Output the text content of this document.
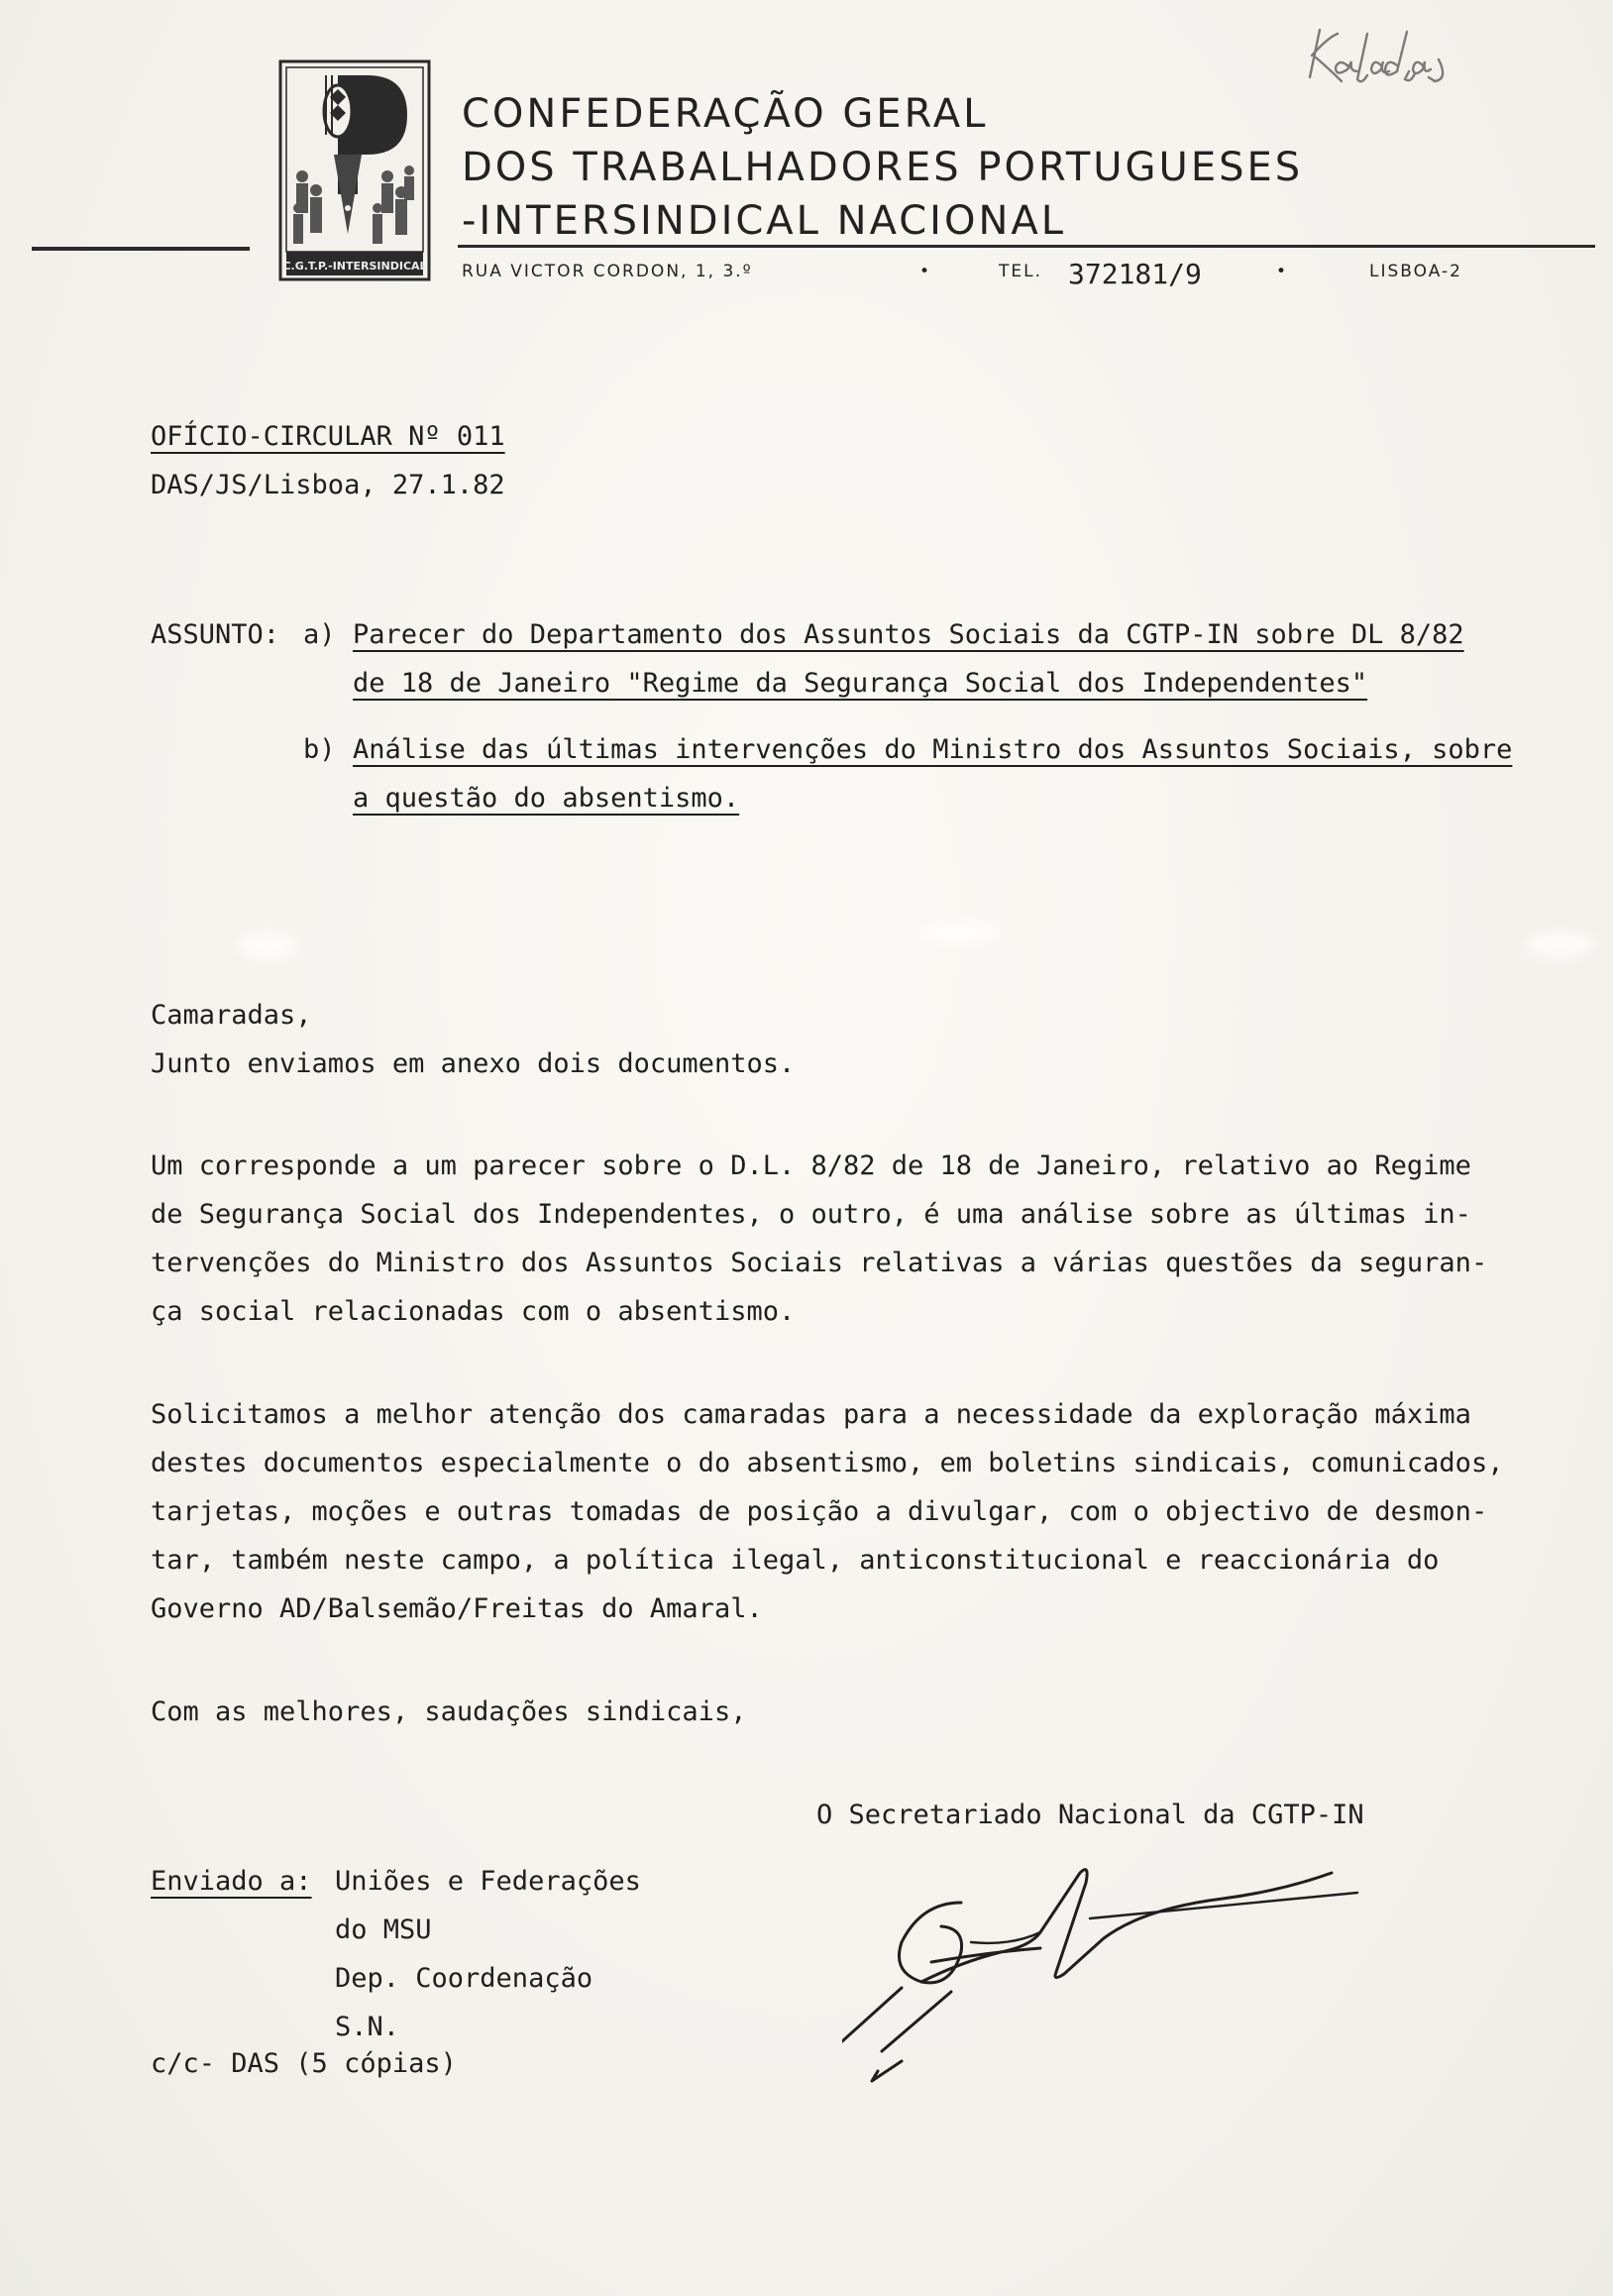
C.G.T.P.-INTERSINDICAL
CONFEDERAÇÃO GERAL
DOS TRABALHADORES PORTUGUESES
-INTERSINDICAL NACIONAL
RUA VICTOR CORDON, 1, 3.º	•	TEL. 372181/9	•	LISBOA-2
OFÍCIO-CIRCULAR Nº 011
DAS/JS/Lisboa, 27.1.82
ASSUNTO: a) Parecer do Departamento dos Assuntos Sociais da CGTP-IN sobre DL 8/82
de 18 de Janeiro "Regime da Segurança Social dos Independentes"
b) Análise das últimas intervenções do Ministro dos Assuntos Sociais, sobre
a questão do absentismo.
Camaradas,
Junto enviamos em anexo dois documentos.
Um corresponde a um parecer sobre o D.L. 8/82 de 18 de Janeiro, relativo ao Regime
de Segurança Social dos Independentes, o outro, é uma análise sobre as últimas in-
tervenções do Ministro dos Assuntos Sociais relativas a várias questões da seguran-
ça social relacionadas com o absentismo.
Solicitamos a melhor atenção dos camaradas para a necessidade da exploração máxima
destes documentos especialmente o do absentismo, em boletins sindicais, comunicados,
tarjetas, moções e outras tomadas de posição a divulgar, com o objectivo de desmon-
tar, também neste campo, a política ilegal, anticonstitucional e reaccionária do
Governo AD/Balsemão/Freitas do Amaral.
Com as melhores, saudações sindicais,
O Secretariado Nacional da CGTP-IN
Enviado a: Uniões e Federações
do MSU
Dep. Coordenação
S.N.
c/c- DAS (5 cópias)
